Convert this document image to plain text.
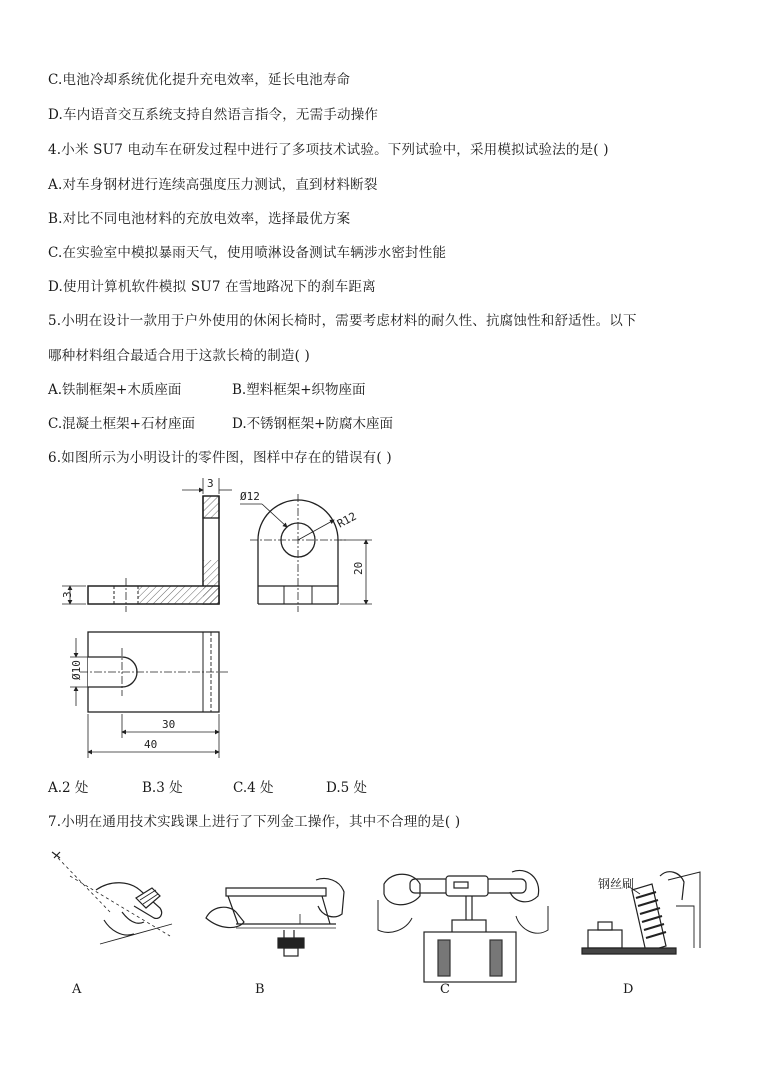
C.电池冷却系统优化提升充电效率，延长电池寿命
D.车内语音交互系统支持自然语言指令，无需手动操作
4.小米 SU7 电动车在研发过程中进行了多项技术试验。下列试验中，采用模拟试验法的是( )
A.对车身钢材进行连续高强度压力测试，直到材料断裂
B.对比不同电池材料的充放电效率，选择最优方案
C.在实验室中模拟暴雨天气，使用喷淋设备测试车辆涉水密封性能
D.使用计算机软件模拟 SU7 在雪地路况下的刹车距离
5.小明在设计一款用于户外使用的休闲长椅时，需要考虑材料的耐久性、抗腐蚀性和舒适性。以下
哪种材料组合最适合用于这款长椅的制造( )
A.铁制框架+木质座面	B.塑料框架+织物座面
C.混凝土框架+石材座面	D.不锈钢框架+防腐木座面
6.如图所示为小明设计的零件图，图样中存在的错误有( )
3
3
Ø12
R12
20
Ø10
30
40
钢丝刷
A.2 处	B.3 处	C.4 处	D.5 处
7.小明在通用技术实践课上进行了下列金工操作，其中不合理的是( )
A	B	C	D
